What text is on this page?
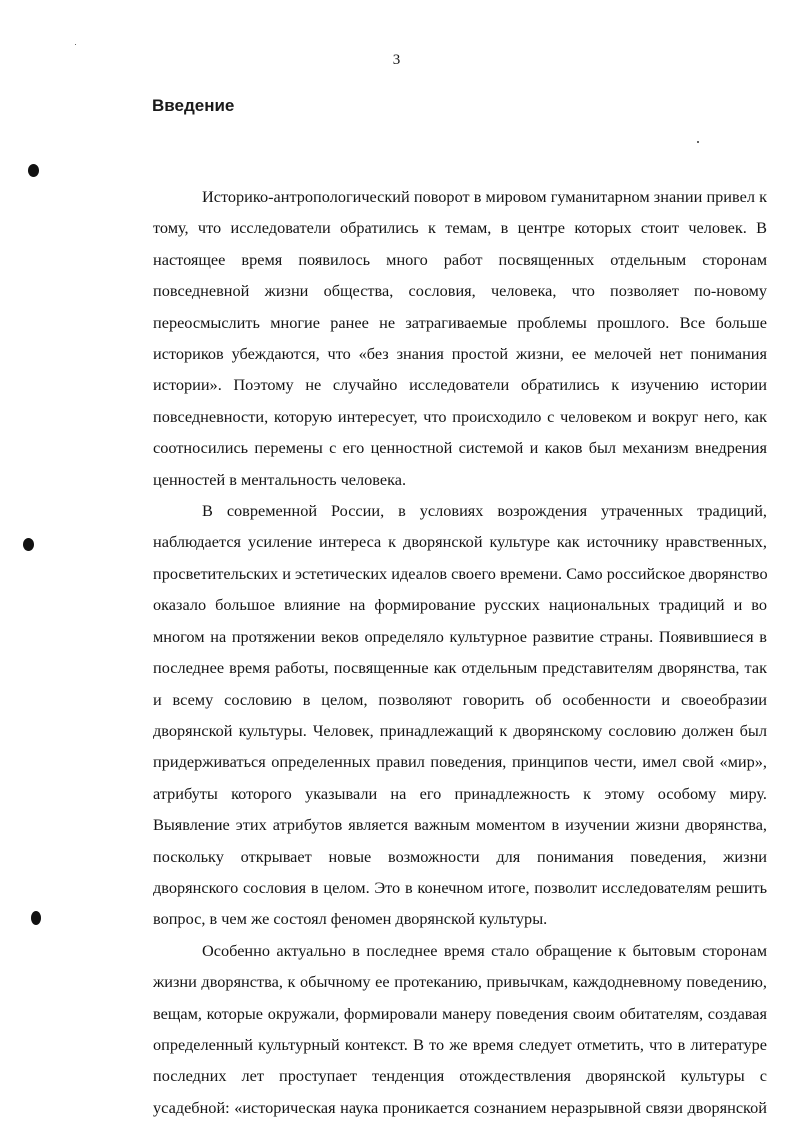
3
Введение
Историко-антропологический поворот в мировом гуманитарном знании привел к
тому, что исследователи обратились к темам, в центре которых стоит человек. В
настоящее время появилось много работ посвященных отдельным сторонам
повседневной жизни общества, сословия, человека, что позволяет по-новому
переосмыслить многие ранее не затрагиваемые проблемы прошлого. Все больше
историков убеждаются, что «без знания простой жизни, ее мелочей нет понимания
истории». Поэтому не случайно исследователи обратились к изучению истории
повседневности, которую интересует, что происходило с человеком и вокруг него, как
соотносились перемены с его ценностной системой и каков был механизм внедрения
ценностей в ментальность человека.
В современной России, в условиях возрождения утраченных традиций,
наблюдается усиление интереса к дворянской культуре как источнику нравственных,
просветительских и эстетических идеалов своего времени. Само российское дворянство
оказало большое влияние на формирование русских национальных традиций и во
многом на протяжении веков определяло культурное развитие страны. Появившиеся в
последнее время работы, посвященные как отдельным представителям дворянства, так
и всему сословию в целом, позволяют говорить об особенности и своеобразии
дворянской культуры. Человек, принадлежащий к дворянскому сословию должен был
придерживаться определенных правил поведения, принципов чести, имел свой «мир»,
атрибуты которого указывали на его принадлежность к этому особому миру.
Выявление этих атрибутов является важным моментом в изучении жизни дворянства,
поскольку открывает новые возможности для понимания поведения, жизни
дворянского сословия в целом. Это в конечном итоге, позволит исследователям решить
вопрос, в чем же состоял феномен дворянской культуры.
Особенно актуально в последнее время стало обращение к бытовым сторонам
жизни дворянства, к обычному ее протеканию, привычкам, каждодневному поведению,
вещам, которые окружали, формировали манеру поведения своим обитателям, создавая
определенный культурный контекст. В то же время следует отметить, что в литературе
последних лет проступает тенденция отождествления дворянской культуры с
усадебной: «историческая наука проникается сознанием неразрывной связи дворянской
